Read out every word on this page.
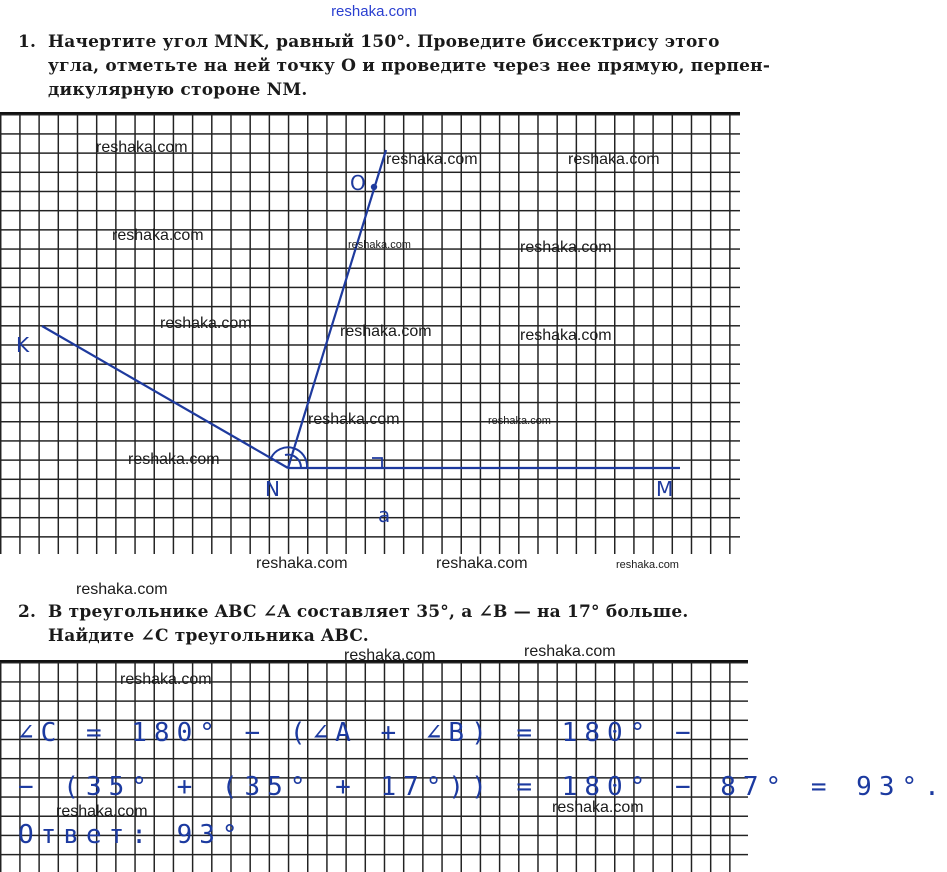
reshaka.com
1. Начертите угол MNK, равный 150°. Проведите биссектрису этого
угла, отметьте на ней точку O и проведите через нее прямую, перпен-
дикулярную стороне NM.
K
N	M
O
a
reshaka.com
reshaka.com	reshaka.com
reshaka.com
reshaka.com	reshaka.com
reshaka.com	reshaka.com	reshaka.com
reshaka.com	reshaka.com
reshaka.com
reshaka.com	reshaka.com	reshaka.com
reshaka.com
2. В треугольнике ABC ∠A составляет 35°, а ∠B — на 17° больше.
Найдите ∠C треугольника ABC.
∠C = 180° − (∠A + ∠B) = 180° −
− (35° + (35° + 17°)) = 180° − 87° = 93°.
Ответ: 93°
reshaka.com	reshaka.com
reshaka.com
reshaka.com	reshaka.com
